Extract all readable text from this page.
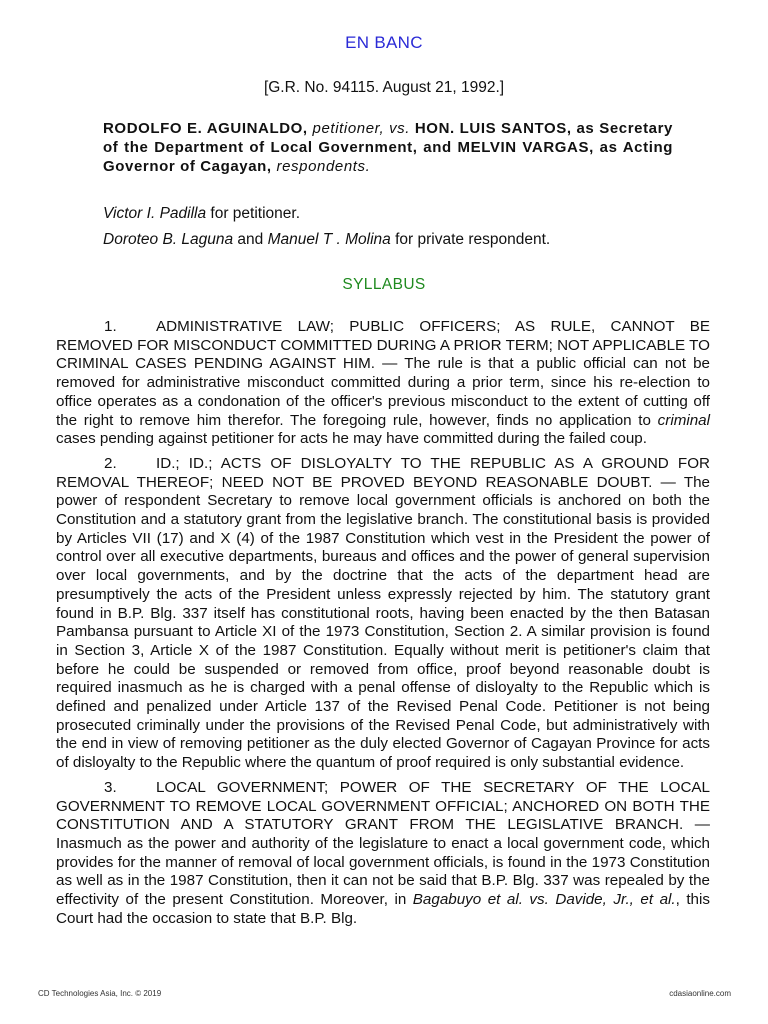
EN BANC
[G.R. No. 94115. August 21, 1992.]
RODOLFO E. AGUINALDO, petitioner, vs. HON. LUIS SANTOS, as Secretary of the Department of Local Government, and MELVIN VARGAS, as Acting Governor of Cagayan, respondents.
Victor I. Padilla for petitioner.
Doroteo B. Laguna and Manuel T . Molina for private respondent.
SYLLABUS

1.	ADMINISTRATIVE LAW; PUBLIC OFFICERS; AS RULE, CANNOT BE REMOVED FOR MISCONDUCT COMMITTED DURING A PRIOR TERM; NOT APPLICABLE TO CRIMINAL CASES PENDING AGAINST HIM. — The rule is that a public official can not be removed for administrative misconduct committed during a prior term, since his re-election to office operates as a condonation of the officer's previous misconduct to the extent of cutting off the right to remove him therefor. The foregoing rule, however, finds no application to criminal cases pending against petitioner for acts he may have committed during the failed coup.

2.	ID.; ID.; ACTS OF DISLOYALTY TO THE REPUBLIC AS A GROUND FOR REMOVAL THEREOF; NEED NOT BE PROVED BEYOND REASONABLE DOUBT. — The power of respondent Secretary to remove local government officials is anchored on both the Constitution and a statutory grant from the legislative branch. The constitutional basis is provided by Articles VII (17) and X (4) of the 1987 Constitution which vest in the President the power of control over all executive departments, bureaus and offices and the power of general supervision over local governments, and by the doctrine that the acts of the department head are presumptively the acts of the President unless expressly rejected by him. The statutory grant found in B.P. Blg. 337 itself has constitutional roots, having been enacted by the then Batasan Pambansa pursuant to Article XI of the 1973 Constitution, Section 2. A similar provision is found in Section 3, Article X of the 1987 Constitution. Equally without merit is petitioner's claim that before he could be suspended or removed from office, proof beyond reasonable doubt is required inasmuch as he is charged with a penal offense of disloyalty to the Republic which is defined and penalized under Article 137 of the Revised Penal Code. Petitioner is not being prosecuted criminally under the provisions of the Revised Penal Code, but administratively with the end in view of removing petitioner as the duly elected Governor of Cagayan Province for acts of disloyalty to the Republic where the quantum of proof required is only substantial evidence.

3.	LOCAL GOVERNMENT; POWER OF THE SECRETARY OF THE LOCAL GOVERNMENT TO REMOVE LOCAL GOVERNMENT OFFICIAL; ANCHORED ON BOTH THE CONSTITUTION AND A STATUTORY GRANT FROM THE LEGISLATIVE BRANCH. — Inasmuch as the power and authority of the legislature to enact a local government code, which provides for the manner of removal of local government officials, is found in the 1973 Constitution as well as in the 1987 Constitution, then it can not be said that B.P. Blg. 337 was repealed by the effectivity of the present Constitution. Moreover, in Bagabuyo et al. vs. Davide, Jr., et al., this Court had the occasion to state that B.P. Blg.

CD Technologies Asia, Inc. © 2019	cdasiaonline.com
